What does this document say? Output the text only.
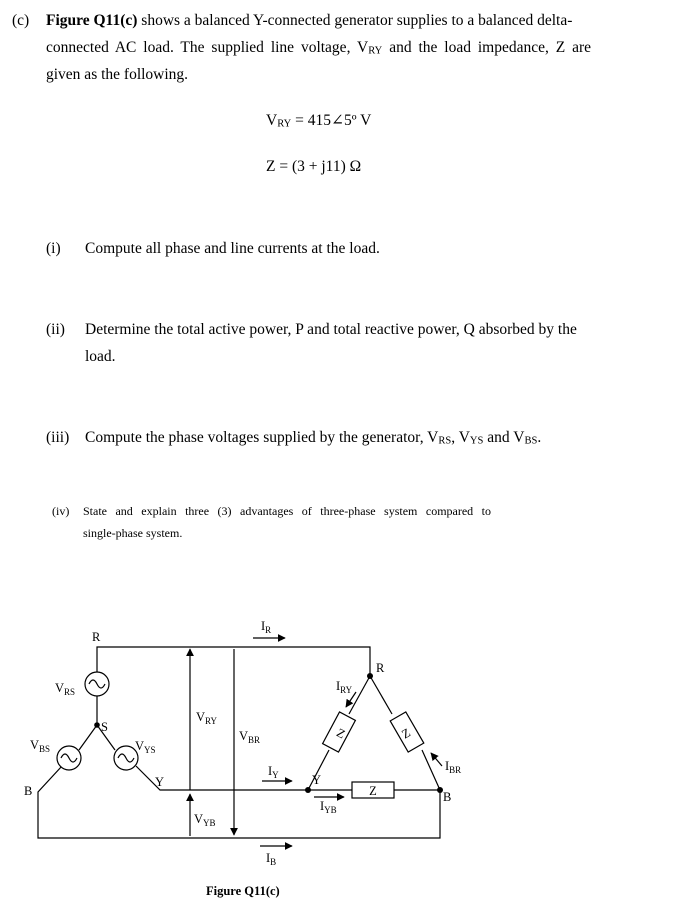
(c) Figure Q11(c) shows a balanced Y-connected generator supplies to a balanced delta-
connected AC load. The supplied line voltage, $V_{RY}$ and the load impedance, Z are
given as the following.
$V_{RY}$ = 415∠5º V
Z = (3 + j11) Ω
(i) Compute all phase and line currents at the load.
(ii) Determine the total active power, P and total reactive power, Q absorbed by the
load.
(iii) Compute the phase voltages supplied by the generator, $V_{RS}$, $V_{YS}$ and $V_{BS}$.
(iv) State and explain three (3) advantages of three-phase system compared to
single-phase system.
R
S
Y
B
$V_{RS}$
$V_{BS}$	$V_{YS}$
$V_{RY}$
$V_{BR}$
$V_{YB}$
$I_R$
$I_Y$
$I_B$
$I_{RY}$
$I_{YB}$
$I_{BR}$
R
Y
B
Z	Z
Z
Figure Q11(c)
